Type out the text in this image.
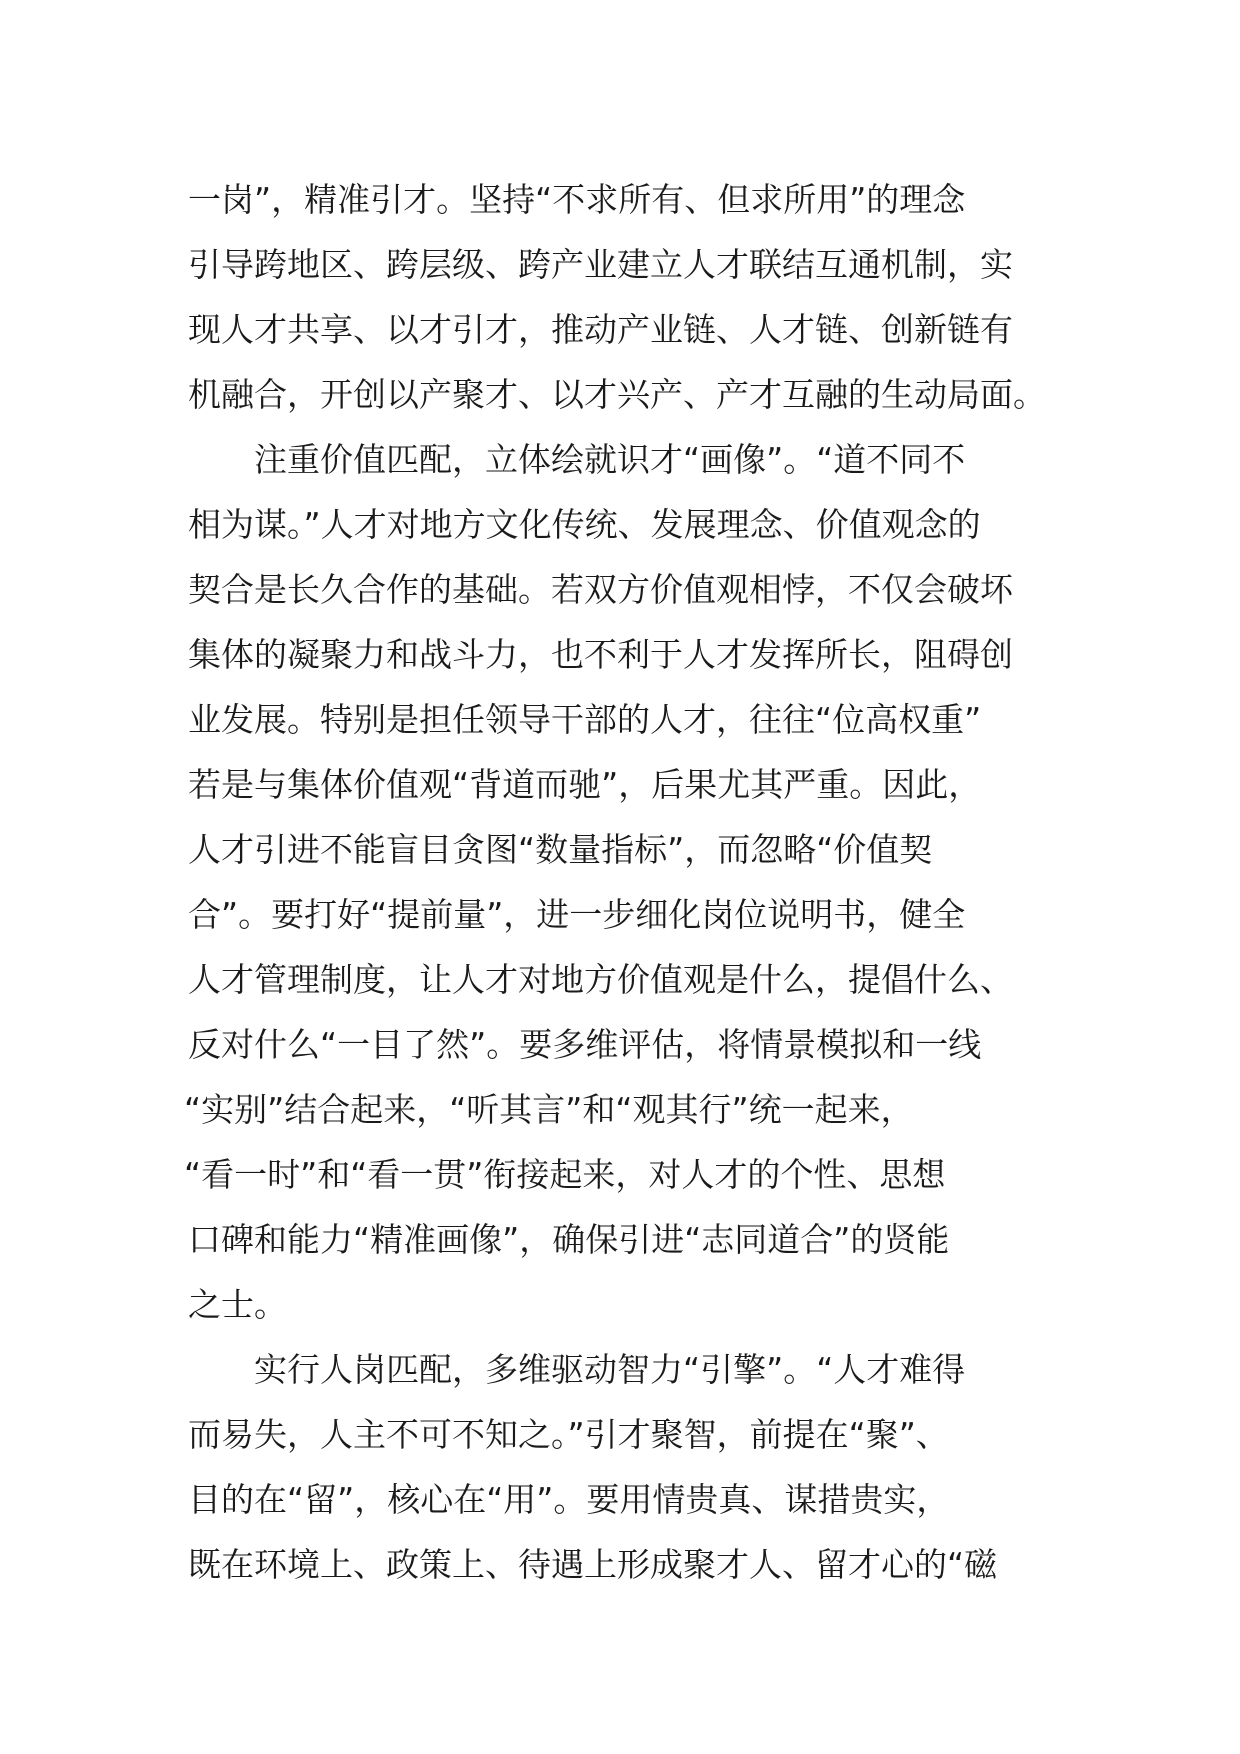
一岗”，精准引才。坚持“不求所有、但求所用”的理念
引导跨地区、跨层级、跨产业建立人才联结互通机制，实
现人才共享、以才引才，推动产业链、人才链、创新链有
机融合，开创以产聚才、以才兴产、产才互融的生动局面。
注重价值匹配，立体绘就识才“画像”。“道不同不
相为谋。”人才对地方文化传统、发展理念、价值观念的
契合是长久合作的基础。若双方价值观相悖，不仅会破坏
集体的凝聚力和战斗力，也不利于人才发挥所长，阻碍创
业发展。特别是担任领导干部的人才，往往“位高权重”
若是与集体价值观“背道而驰”，后果尤其严重。因此，
人才引进不能盲目贪图“数量指标”，而忽略“价值契
合”。要打好“提前量”，进一步细化岗位说明书，健全
人才管理制度，让人才对地方价值观是什么，提倡什么、
反对什么“一目了然”。要多维评估，将情景模拟和一线
“实别”结合起来，“听其言”和“观其行”统一起来，
“看一时”和“看一贯”衔接起来，对人才的个性、思想
口碑和能力“精准画像”，确保引进“志同道合”的贤能
之士。
实行人岗匹配，多维驱动智力“引擎”。“人才难得
而易失，人主不可不知之。”引才聚智，前提在“聚”、
目的在“留”，核心在“用”。要用情贵真、谋措贵实，
既在环境上、政策上、待遇上形成聚才人、留才心的“磁
